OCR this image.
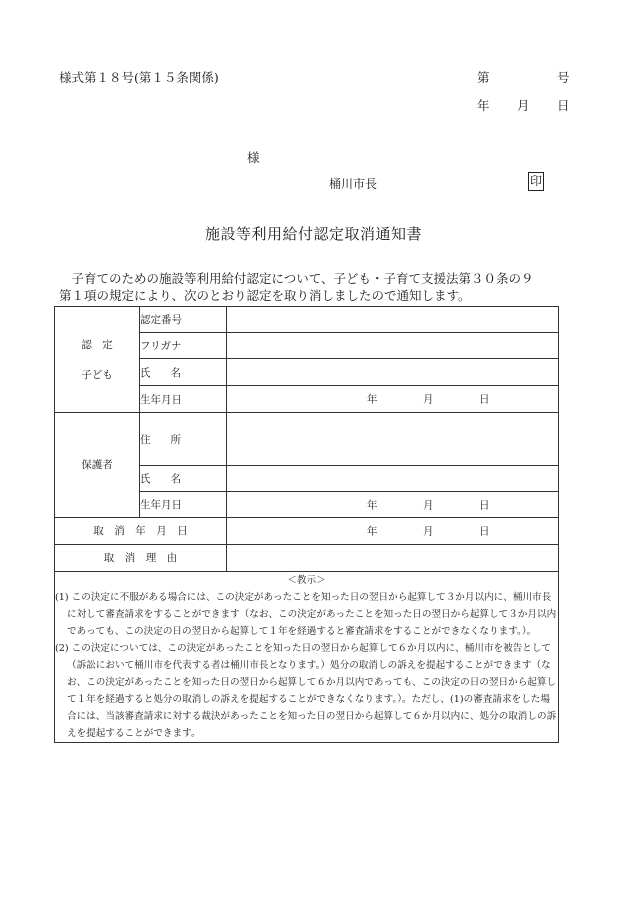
様式第１８号(第１５条関係)	第	号
年 月 日
様
桶川市長	印
施設等利用給付認定取消通知書
　子育てのための施設等利用給付認定について、子ども・子育て支援法第３０条の９
第１項の規定により、次のとおり認定を取り消しましたので通知します。
認　定
子ども	認定番号	
	フリガナ	
	氏 名	
	生年月日	年 月 日

保護者	住 所	
	氏 名	
	生年月日	年 月 日

取　消　年　月　日		年 月 日

取　消　理　由		

＜教示＞
(1) この決定に不服がある場合には、この決定があったことを知った日の翌日から起算して３か月以内に、桶川市長に対して審査請求をすることができます（なお、この決定があったことを知った日の翌日から起算して３か月以内であっても、この決定の日の翌日から起算して１年を経過すると審査請求をすることができなくなります。）。
(2) この決定については、この決定があったことを知った日の翌日から起算して６か月以内に、桶川市を被告として（訴訟において桶川市を代表する者は桶川市長となります。）処分の取消しの訴えを提起することができます（なお、この決定があったことを知った日の翌日から起算して６か月以内であっても、この決定の日の翌日から起算して１年を経過すると処分の取消しの訴えを提起することができなくなります。）。ただし、(1)の審査請求をした場合には、当該審査請求に対する裁決があったことを知った日の翌日から起算して６か月以内に、処分の取消しの訴えを提起することができます。		
